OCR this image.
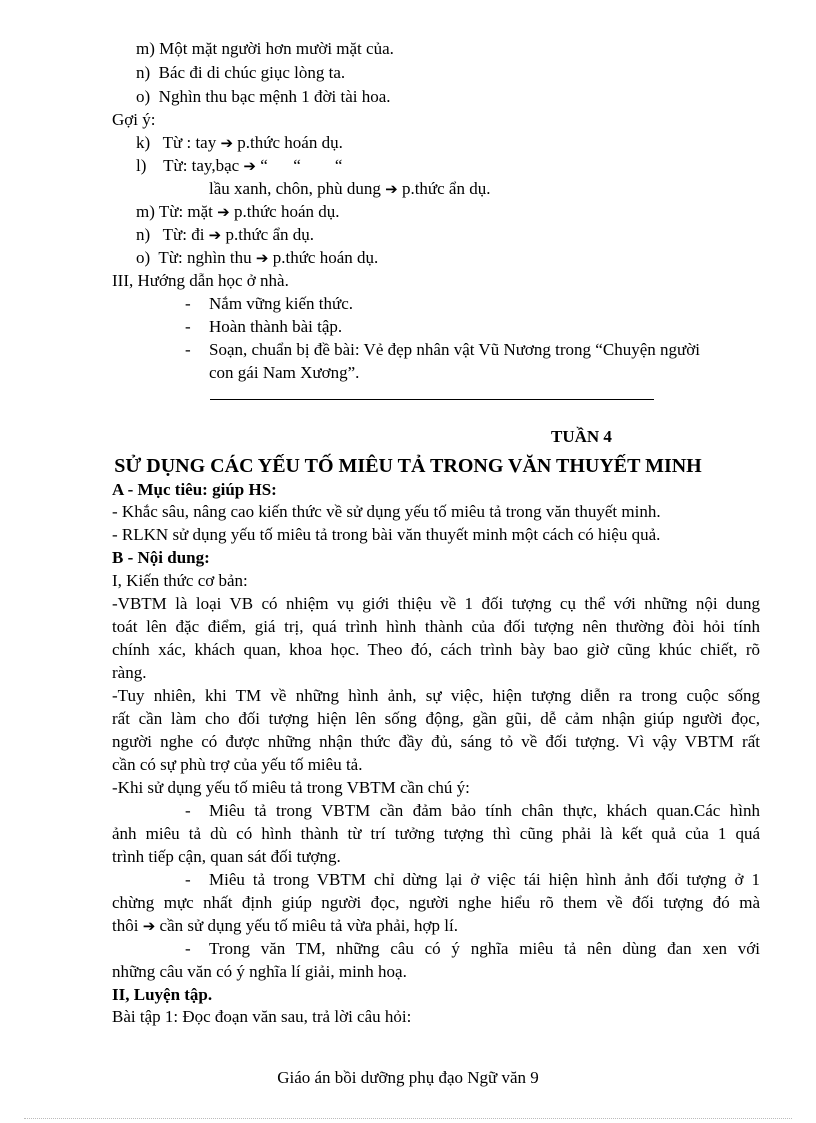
m) Một mặt người hơn mười mặt của.
n) Bác đi di chúc giục lòng ta.
o) Nghìn thu bạc mệnh 1 đời tài hoa.
Gợi ý:
k) Từ : tay ➔ p.thức hoán dụ.
l) Từ: tay,bạc ➔ “      “        “
lầu xanh, chôn, phù dung ➔ p.thức ẩn dụ.
m) Từ: mặt ➔ p.thức hoán dụ.
n) Từ: đi ➔ p.thức ẩn dụ.
o) Từ: nghìn thu ➔ p.thức hoán dụ.
III, Hướng dẫn học ở nhà.
- Nắm vững kiến thức.
- Hoàn thành bài tập.
- Soạn, chuẩn bị đề bài: Vẻ đẹp nhân vật Vũ Nương trong “Chuyện người
con gái Nam Xương”.
TUẦN 4
SỬ DỤNG CÁC YẾU TỐ MIÊU TẢ TRONG VĂN THUYẾT MINH
A - Mục tiêu: giúp HS:
- Khắc sâu, nâng cao kiến thức về sử dụng yếu tố miêu tả trong văn thuyết minh.
- RLKN sử dụng yếu tố miêu tả trong bài văn thuyết minh một cách có hiệu quả.
B - Nội dung:
I, Kiến thức cơ bản:
-VBTM là loại VB có nhiệm vụ giới thiệu về 1 đối tượng cụ thể với những nội dung
toát lên đặc điểm, giá trị, quá trình hình thành của đối tượng nên thường đòi hỏi tính
chính xác, khách quan, khoa học. Theo đó, cách trình bày bao giờ cũng khúc chiết, rõ
ràng.
-Tuy nhiên, khi TM về những hình ảnh, sự việc, hiện tượng diễn ra trong cuộc sống
rất cần làm cho đối tượng hiện lên sống động, gần gũi, dễ cảm nhận giúp người đọc,
người nghe có được những nhận thức đầy đủ, sáng tỏ về đối tượng. Vì vậy VBTM rất
cần có sự phù trợ của yếu tố miêu tả.
-Khi sử dụng yếu tố miêu tả trong VBTM cần chú ý:
- Miêu tả trong VBTM cần đảm bảo tính chân thực, khách quan.Các hình
ảnh miêu tả dù có hình thành từ trí tưởng tượng thì cũng phải là kết quả của 1 quá
trình tiếp cận, quan sát đối tượng.
- Miêu tả trong VBTM chỉ dừng lại ở việc tái hiện hình ảnh đối tượng ở 1
chừng mực nhất định giúp người đọc, người nghe hiểu rõ them về đối tượng đó mà
thôi ➔ cần sử dụng yếu tố miêu tả vừa phải, hợp lí.
- Trong văn TM, những câu có ý nghĩa miêu tả nên dùng đan xen với
những câu văn có ý nghĩa lí giải, minh hoạ.
II, Luyện tập.
Bài tập 1: Đọc đoạn văn sau, trả lời câu hỏi:
Giáo án bồi dưỡng phụ đạo Ngữ văn 9
